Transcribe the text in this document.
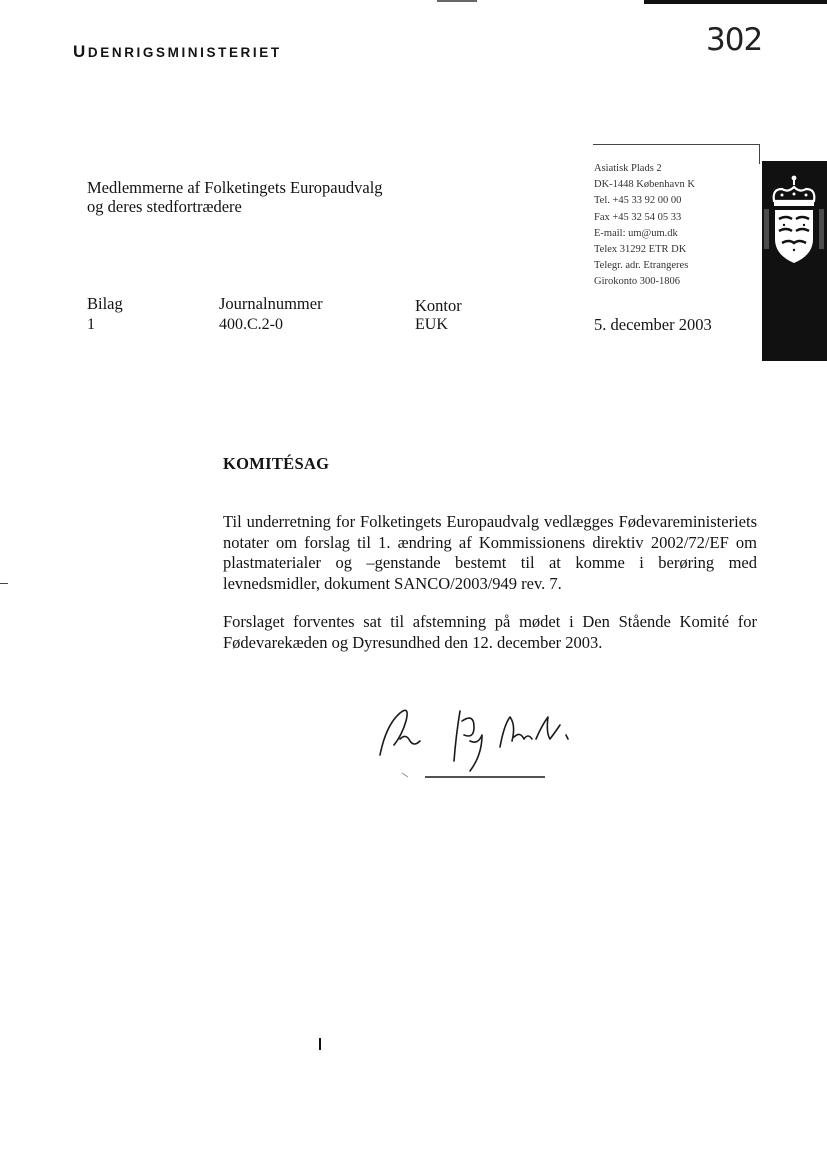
UDENRIGSMINISTERIET	302
Medlemmerne af Folketingets Europaudvalg
og deres stedfortrædere
Asiatisk Plads 2
DK-1448 København K
Tel. +45 33 92 00 00
Fax +45 32 54 05 33
E-mail: um@um.dk
Telex 31292 ETR DK
Telegr. adr. Etrangeres
Girokonto 300-1806
Bilag
1
Journalnummer
400.C.2-0
Kontor
EUK	5. december 2003
KOMITÉSAG
Til underretning for Folketingets Europaudvalg vedlægges Fødevareministeriets notater om forslag til 1. ændring af Kommissionens direktiv 2002/72/EF om plastmaterialer og –genstande bestemt til at komme i berøring med levnedsmidler, dokument SANCO/2003/949 rev. 7.
Forslaget forventes sat til afstemning på mødet i Den Stående Komité for Fødevarekæden og Dyresundhed den 12. december 2003.
